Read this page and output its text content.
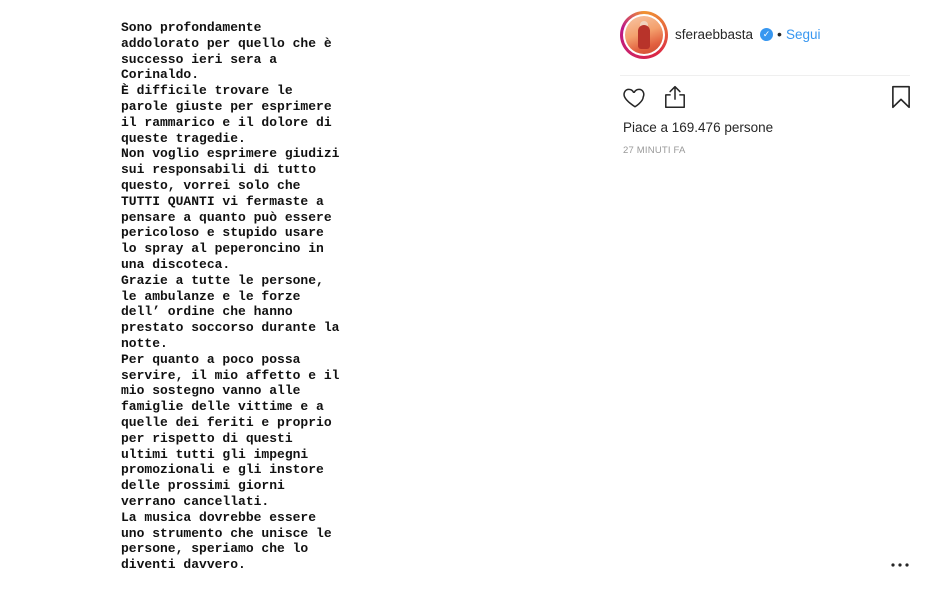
Sono profondamente
addolorato per quello che è
successo ieri sera a
Corinaldo.
È difficile trovare le
parole giuste per esprimere
il rammarico e il dolore di
queste tragedie.
Non voglio esprimere giudizi
sui responsabili di tutto
questo, vorrei solo che
TUTTI QUANTI vi fermaste a
pensare a quanto può essere
pericoloso e stupido usare
lo spray al peperoncino in
una discoteca.
Grazie a tutte le persone,
le ambulanze e le forze
dell’ ordine che hanno
prestato soccorso durante la
notte.
Per quanto a poco possa
servire, il mio affetto e il
mio sostegno vanno alle
famiglie delle vittime e a
quelle dei feriti e proprio
per rispetto di questi
ultimi tutti gli impegni
promozionali e gli instore
delle prossimi giorni
verrano cancellati.
La musica dovrebbe essere
uno strumento che unisce le
persone, speriamo che lo
diventi davvero.
sferaebbasta	✓ • Segui
Piace a 169.476 persone
27 MINUTI FA
